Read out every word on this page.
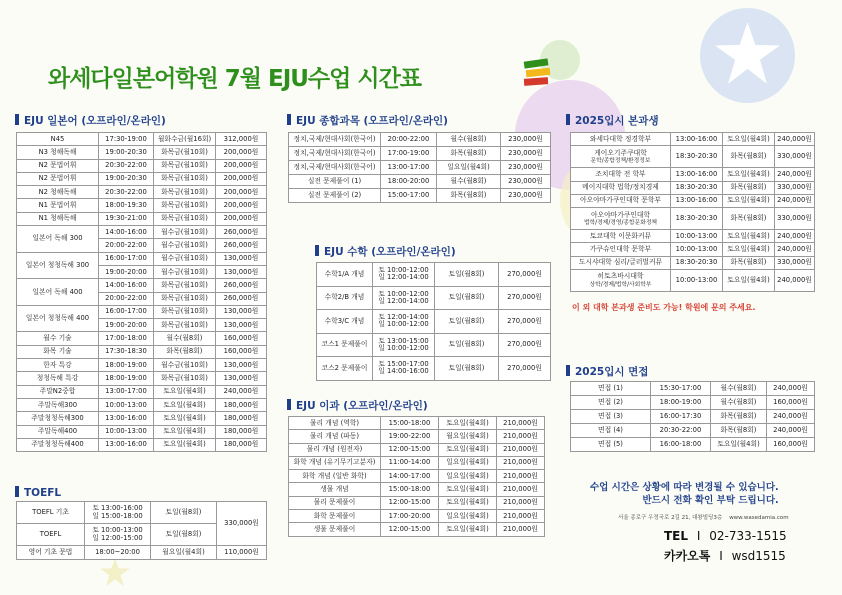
와세다일본어학원 7월 EJU수업 시간표
EJU 일본어 (오프라인/온라인)
N45	17:30-19:00	월화수금(월16회)	312,000원
N3 청해독해	19:00-20:30	화목금(월10회)	200,000원
N2 문법어휘	20:30-22:00	화목금(월10회)	200,000원
N2 문법어휘	19:00-20:30	화목금(월10회)	200,000원
N2 청해독해	20:30-22:00	화목금(월10회)	200,000원
N1 문법어휘	18:00-19:30	화목금(월10회)	200,000원
N1 청해독해	19:30-21:00	화목금(월10회)	200,000원
일본어 독해 300	14:00-16:00	월수금(월10회)	260,000원
	20:00-22:00	월수금(월10회)	260,000원
일본어 청청독해 300	16:00-17:00	월수금(월10회)	130,000원
	19:00-20:00	월수금(월10회)	130,000원
일본어 독해 400	14:00-16:00	화목금(월10회)	260,000원
	20:00-22:00	화목금(월10회)	260,000원
일본어 청청독해 400	16:00-17:00	화목금(월10회)	130,000원
	19:00-20:00	화목금(월10회)	130,000원
월수 기술	17:00-18:00	월수(월8회)	160,000원
화목 기술	17:30-18:30	화목(월8회)	160,000원
한자 특강	18:00-19:00	월수금(월10회)	130,000원
청청독해 특강	18:00-19:00	화목금(월10회)	130,000원
주말N2중합	13:00-17:00	토요일(월4회)	240,000원
주말독해300	10:00-13:00	토요일(월4회)	180,000원
주말청청독해300	13:00-16:00	토요일(월4회)	180,000원
주말독해400	10:00-13:00	토요일(월4회)	180,000원
주말청청독해400	13:00-16:00	토요일(월4회)	180,000원
TOEFL
TOEFL 기초	토 13:00-16:00
일 15:00-18:00	토일(월8회)	330,000원
TOEFL	토 10:00-13:00
일 12:00-15:00	토일(월8회)	
영어 기초 문법	18:00~20:00	월요일(월4회)	110,000원
EJU 종합과목 (오프라인/온라인)
정치,국제/현대사회(한국어)	20:00-22:00	월수(월8회)	230,000원
정치,국제/현대사회(한국어)	17:00-19:00	화목(월8회)	230,000원
정치,국제/현대사회(한국어)	13:00-17:00	일요일(월4회)	230,000원
실전 문제풀이 (1)	18:00-20:00	월수(월8회)	230,000원
실전 문제풀이 (2)	15:00-17:00	화목(월8회)	230,000원
EJU 수학 (오프라인/온라인)
수학1/A 개념	토 10:00-12:00
일 12:00-14:00	토일(월8회)	270,000원
수학2/B 개념	토 10:00-12:00
일 12:00-14:00	토일(월8회)	270,000원
수학3/C 개념	토 12:00-14:00
일 10:00-12:00	토일(월8회)	270,000원
코스1 문제풀이	토 13:00-15:00
일 10:00-12:00	토일(월8회)	270,000원
코스2 문제풀이	토 15:00-17:00
일 14:00-16:00	토일(월8회)	270,000원
EJU 이과 (오프라인/온라인)
물리 개념 (역학)	15:00-18:00	토요일(월4회)	210,000원
물리 개념 (파동)	19:00-22:00	월요일(월4회)	210,000원
물리 개념 (원전자)	12:00-15:00	토요일(월4회)	210,000원
화학 개념 (유기무기고분자)	11:00-14:00	일요일(월4회)	210,000원
화학 개념 (일반 화학)	14:00-17:00	일요일(월4회)	210,000원
생물 개념	15:00-18:00	토요일(월4회)	210,000원
물리 문제풀이	12:00-15:00	토요일(월4회)	210,000원
화학 문제풀이	17:00-20:00	일요일(월4회)	210,000원
생물 문제풀이	12:00-15:00	토요일(월4회)	210,000원
2025입시 본과생
와세다대학 정경학부	13:00-16:00	토요일(월4회)	240,000원
게이오기주쿠대학
문학/종합정책/환경정보	18:30-20:30	화목(월8회)	330,000원
조치대학 전 학부	13:00-16:00	토요일(월4회)	240,000원
메이지대학 법학/정치경제	18:30-20:30	화목(월8회)	330,000원
아오야마가쿠인대학 문학부	13:00-16:00	토요일(월4회)	240,000원
아오야마가쿠인대학
법학/경제/경영/종합문화정책	18:30-20:30	화목(월8회)	330,000원
토쿄대학 이문화커뮤	10:00-13:00	토요일(월4회)	240,000원
가쿠슈인대학 문학부	10:00-13:00	토요일(월4회)	240,000원
도시샤대학 심리/글러벌커뮤	18:30-20:30	화목(월8회)	330,000원
히토츠바시대학
상학/경제/법학/사회학부	10:00-13:00	토요일(월4회)	240,000원
이 외 대학 본과생 준비도 가능! 학원에 문의 주세요.
2025입시 면접
면접 (1)	15:30-17:00	월수(월8회)	240,000원
면접 (2)	18:00-19:00	월수(월8회)	160,000원
면접 (3)	16:00-17:30	화목(월8회)	240,000원
면접 (4)	20:30-22:00	화목(월8회)	240,000원
면접 (5)	16:00-18:00	토요일(월4회)	160,000원
수업 시간은 상황에 따라 변경될 수 있습니다.
반드시 전화 확인 부탁 드립니다.
서울 종로구 우정국로 2길 21, 대왕빌딩3층 www.wasedamia.com
TEL I 02-733-1515
카카오톡 I wsd1515
